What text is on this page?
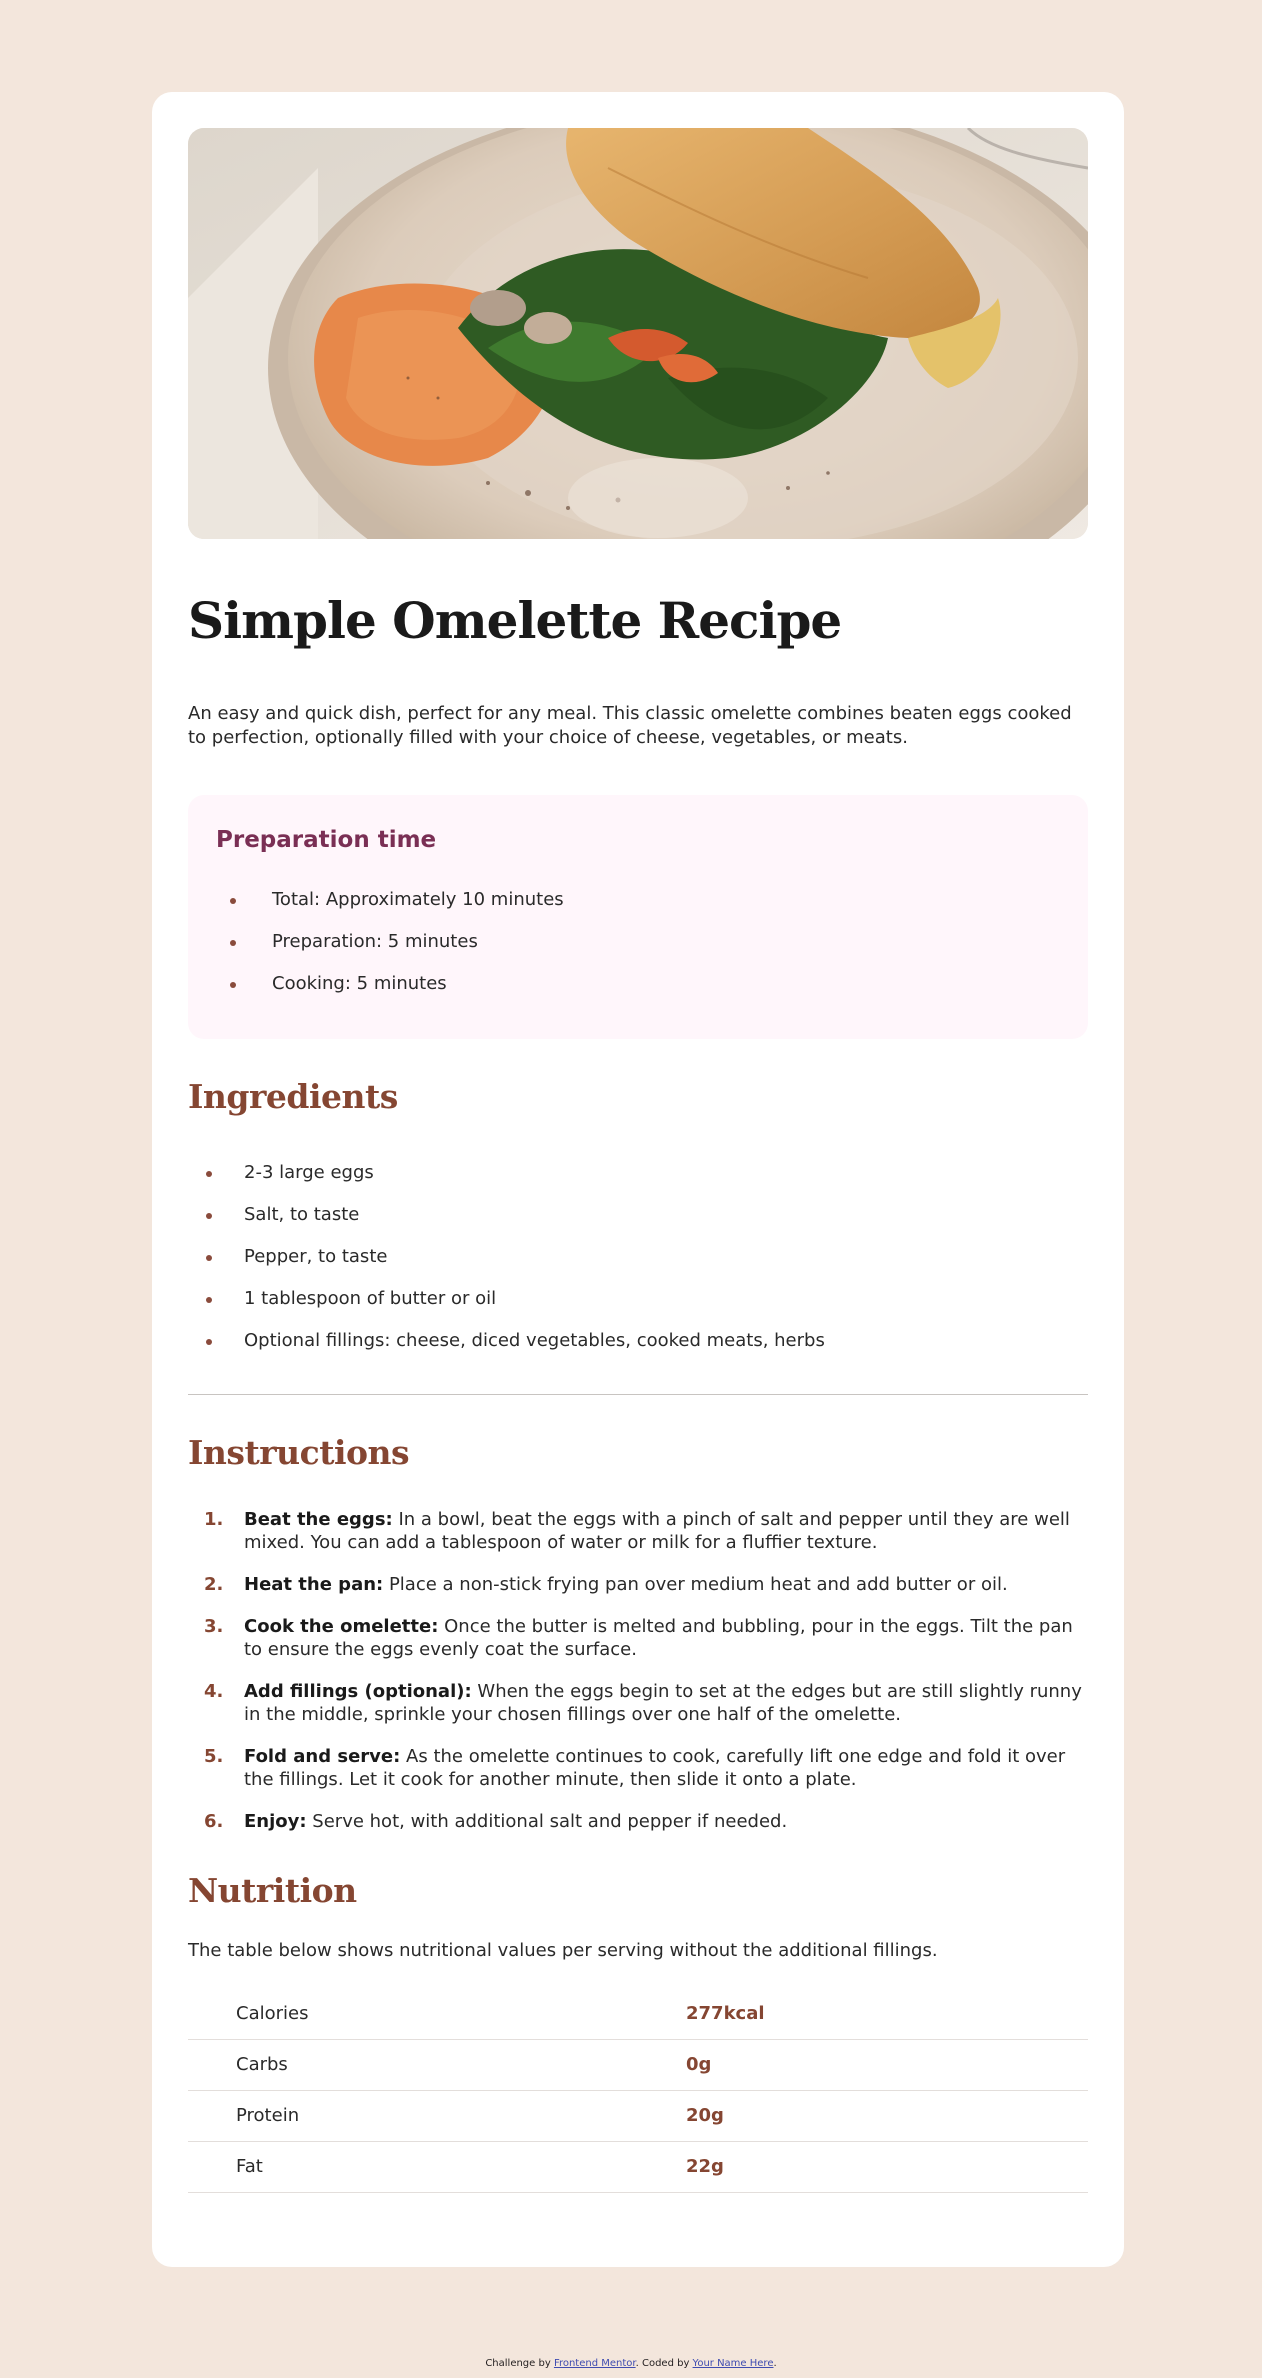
Simple Omelette Recipe

An easy and quick dish, perfect for any meal. This classic omelette combines beaten eggs cooked to perfection, optionally filled with your choice of cheese, vegetables, or meats.

Preparation time
Total: Approximately 10 minutes
Preparation: 5 minutes
Cooking: 5 minutes
Ingredients
2-3 large eggs
Salt, to taste
Pepper, to taste
1 tablespoon of butter or oil
Optional fillings: cheese, diced vegetables, cooked meats, herbs
Instructions
1. Beat the eggs: In a bowl, beat the eggs with a pinch of salt and pepper until they are well mixed. You can add a tablespoon of water or milk for a fluffier texture.
2. Heat the pan: Place a non-stick frying pan over medium heat and add butter or oil.
3. Cook the omelette: Once the butter is melted and bubbling, pour in the eggs. Tilt the pan to ensure the eggs evenly coat the surface.
4. Add fillings (optional): When the eggs begin to set at the edges but are still slightly runny in the middle, sprinkle your chosen fillings over one half of the omelette.
5. Fold and serve: As the omelette continues to cook, carefully lift one edge and fold it over the fillings. Let it cook for another minute, then slide it onto a plate.
6. Enjoy: Serve hot, with additional salt and pepper if needed.
Nutrition

The table below shows nutritional values per serving without the additional fillings.

Calories	277kcal
Carbs	0g
Protein	20g
Fat	22g
Challenge by Frontend Mentor. Coded by Your Name Here.
